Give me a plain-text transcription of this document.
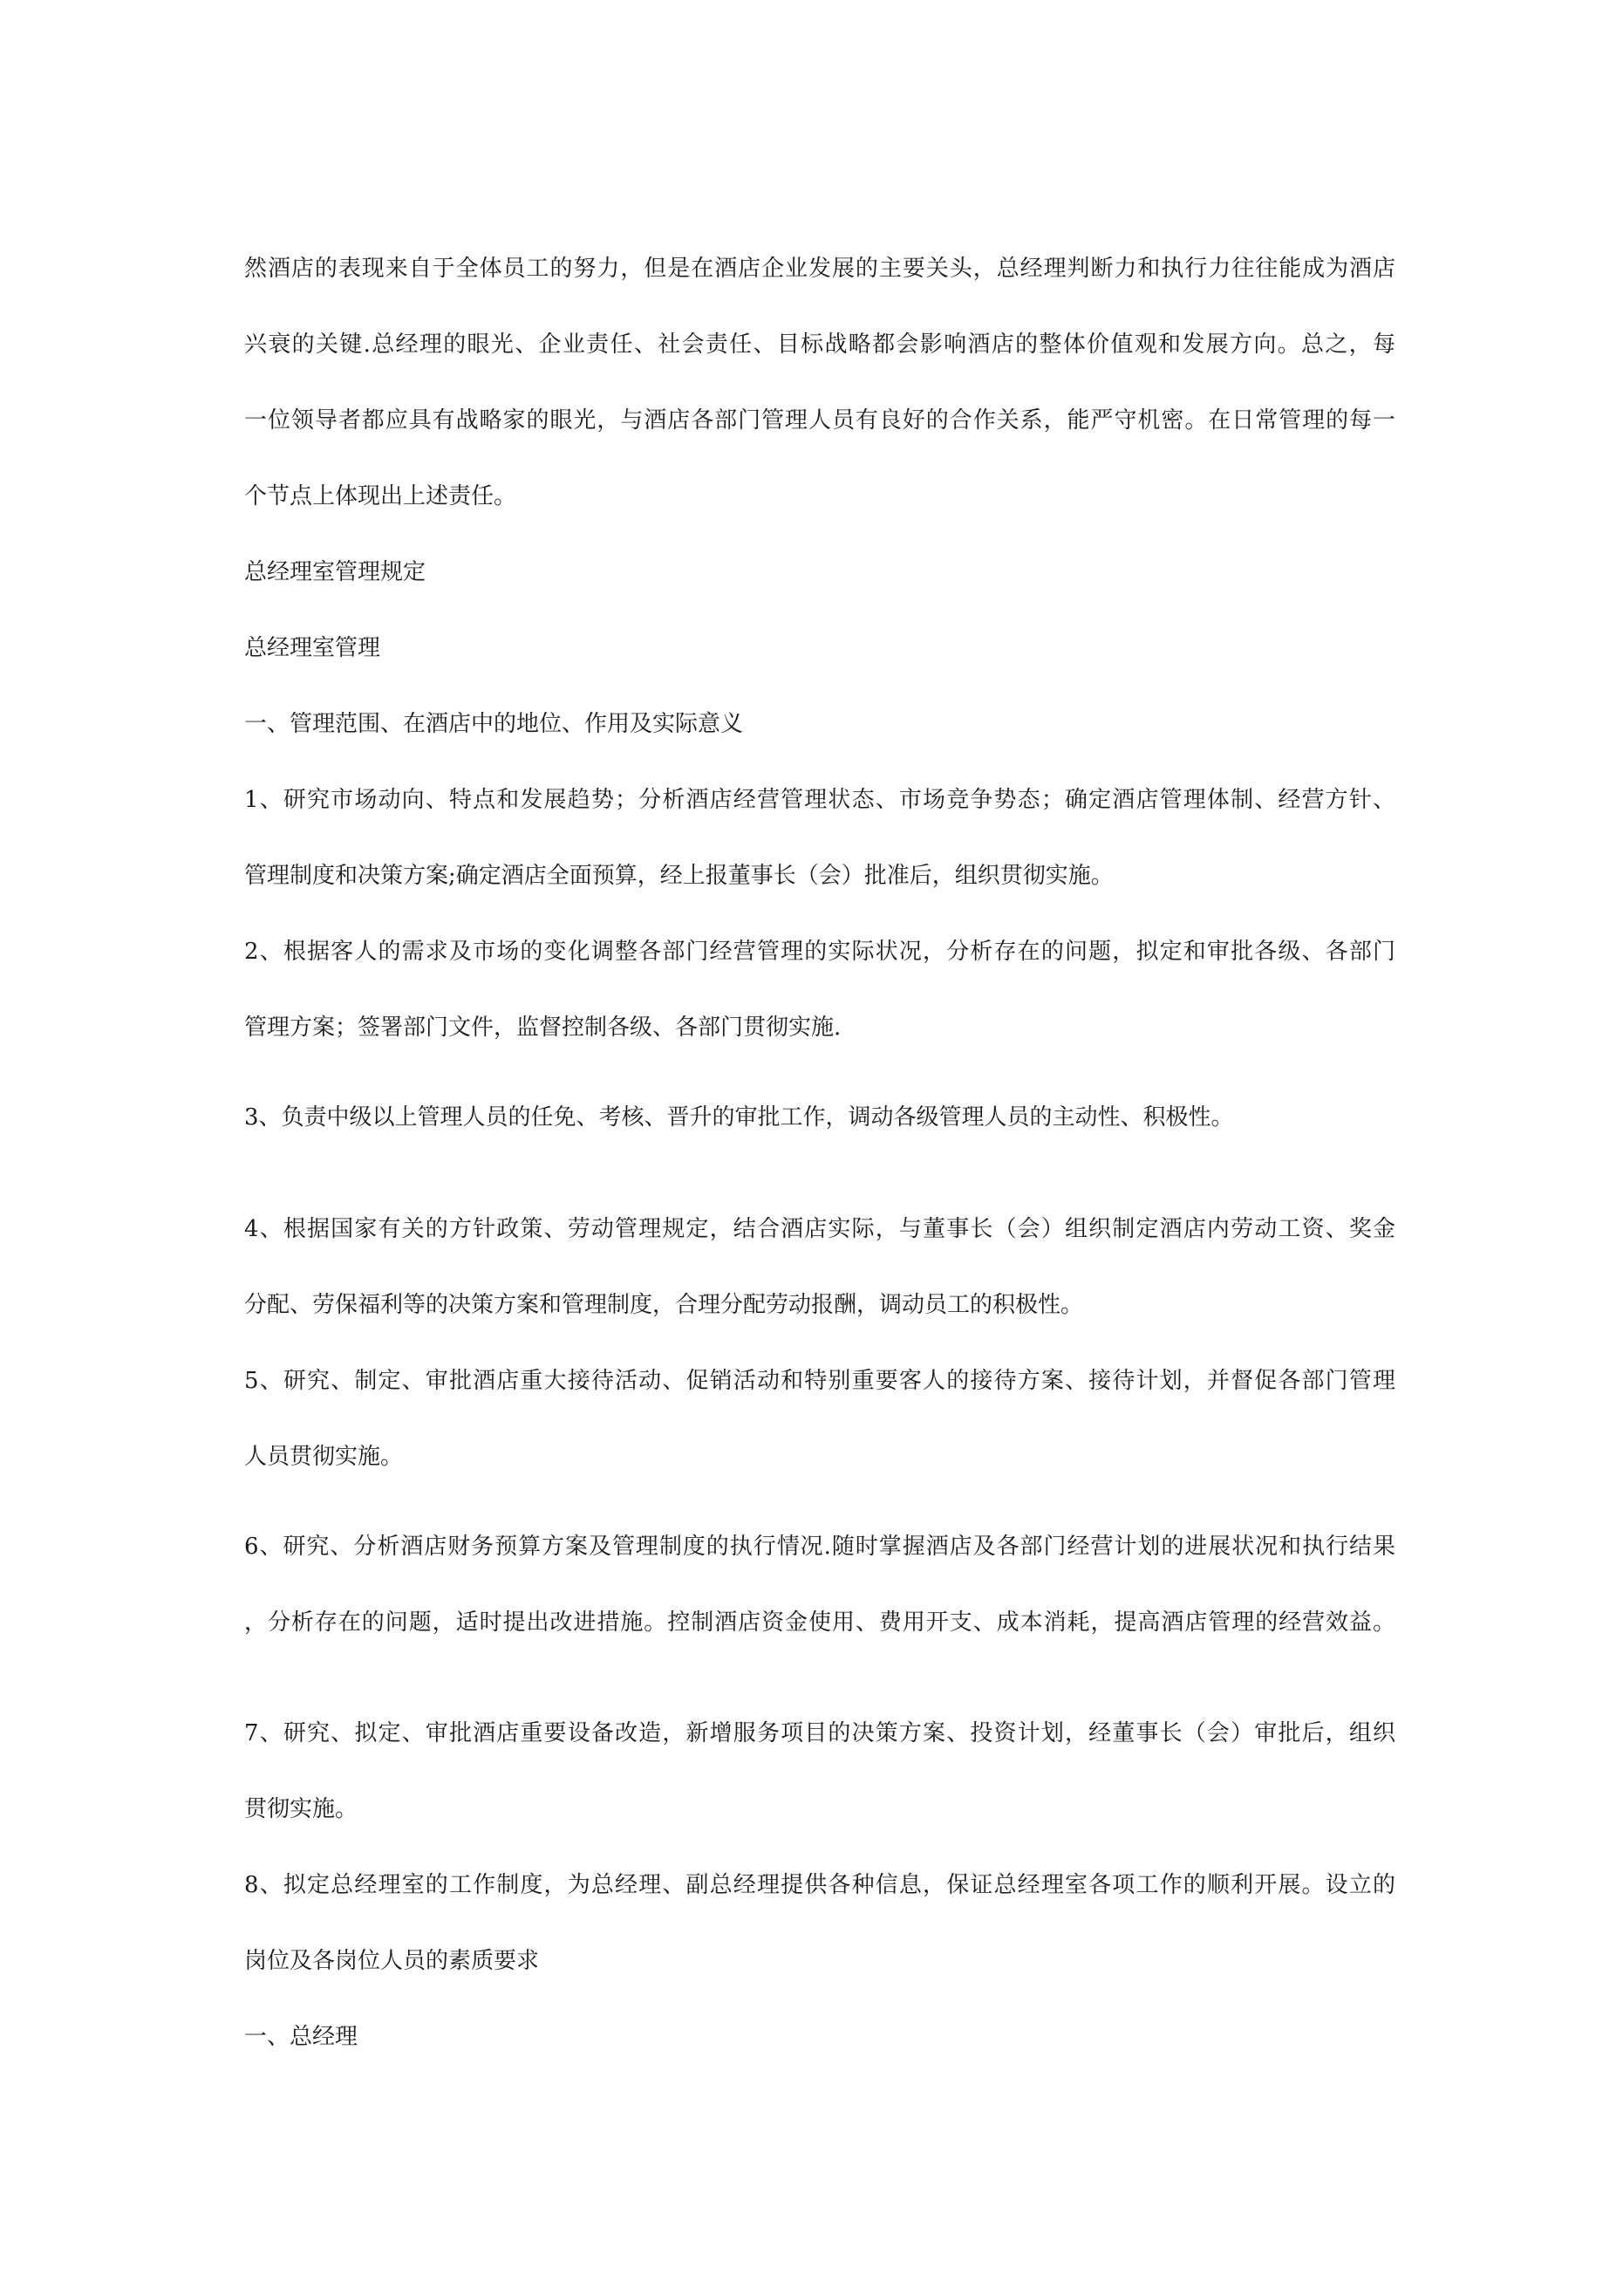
然酒店的表现来自于全体员工的努力，但是在酒店企业发展的主要关头，总经理判断力和执行力往往能成为酒店
兴衰的关键.总经理的眼光、企业责任、社会责任、目标战略都会影响酒店的整体价值观和发展方向。总之，每
一位领导者都应具有战略家的眼光，与酒店各部门管理人员有良好的合作关系，能严守机密。在日常管理的每一
个节点上体现出上述责任。
总经理室管理规定
总经理室管理
一、管理范围、在酒店中的地位、作用及实际意义
1、研究市场动向、特点和发展趋势；分析酒店经营管理状态、市场竞争势态；确定酒店管理体制、经营方针、
管理制度和决策方案;确定酒店全面预算，经上报董事长（会）批准后，组织贯彻实施。
2、根据客人的需求及市场的变化调整各部门经营管理的实际状况，分析存在的问题，拟定和审批各级、各部门
管理方案；签署部门文件，监督控制各级、各部门贯彻实施.
3、负责中级以上管理人员的任免、考核、晋升的审批工作，调动各级管理人员的主动性、积极性。
4、根据国家有关的方针政策、劳动管理规定，结合酒店实际，与董事长（会）组织制定酒店内劳动工资、奖金
分配、劳保福利等的决策方案和管理制度，合理分配劳动报酬，调动员工的积极性。
5、研究、制定、审批酒店重大接待活动、促销活动和特别重要客人的接待方案、接待计划，并督促各部门管理
人员贯彻实施。
6、研究、分析酒店财务预算方案及管理制度的执行情况.随时掌握酒店及各部门经营计划的进展状况和执行结果
，分析存在的问题，适时提出改进措施。控制酒店资金使用、费用开支、成本消耗，提高酒店管理的经营效益。
7、研究、拟定、审批酒店重要设备改造，新增服务项目的决策方案、投资计划，经董事长（会）审批后，组织
贯彻实施。
8、拟定总经理室的工作制度，为总经理、副总经理提供各种信息，保证总经理室各项工作的顺利开展。设立的
岗位及各岗位人员的素质要求
一、总经理
